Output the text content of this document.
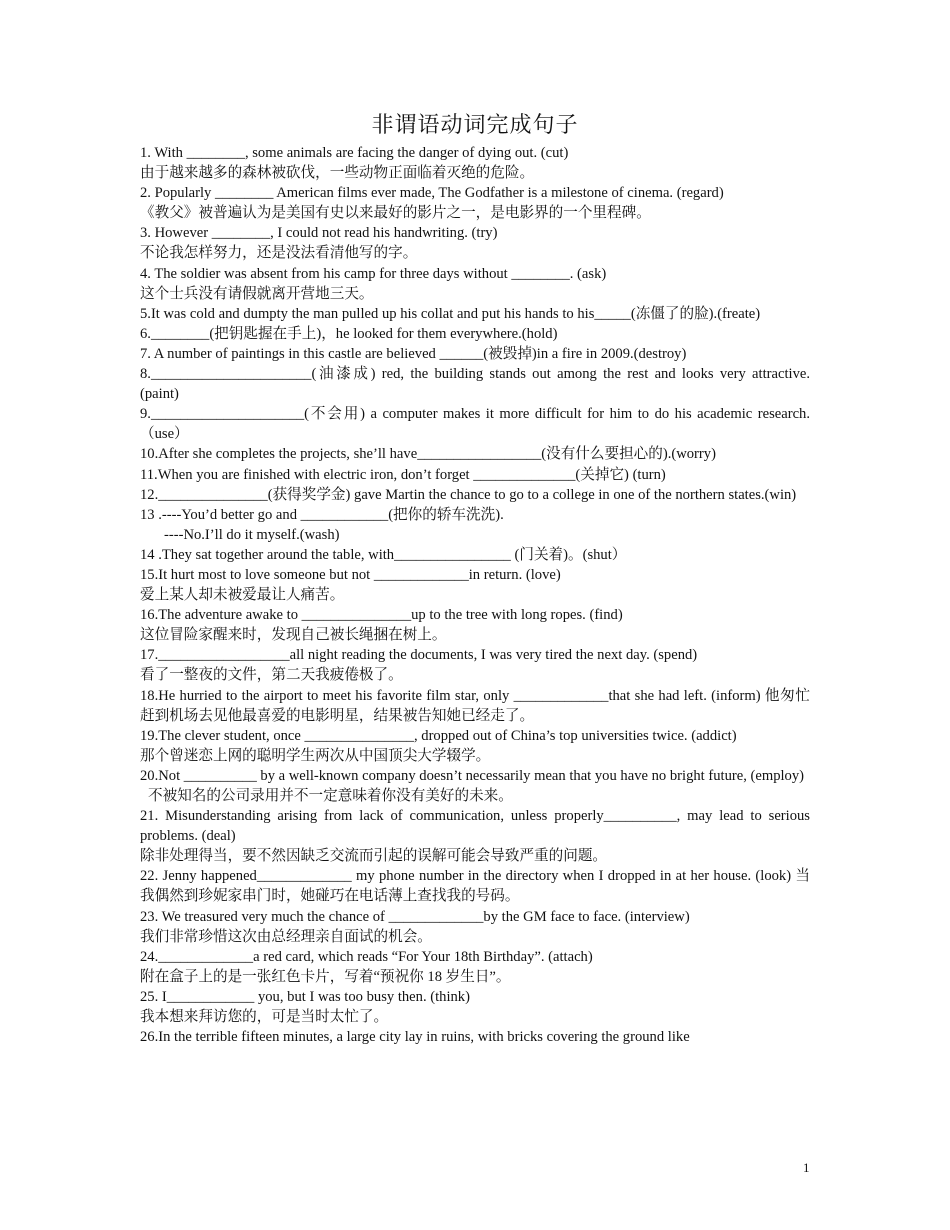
非谓语动词完成句子

1. With ________, some animals are facing the danger of dying out. (cut)

由于越来越多的森林被砍伐，一些动物正面临着灭绝的危险。

2. Popularly ________ American films ever made, The Godfather is a milestone of cinema. (regard)

《教父》被普遍认为是美国有史以来最好的影片之一，是电影界的一个里程碑。

3. However ________, I could not read his handwriting. (try)

不论我怎样努力，还是没法看清他写的字。

4. The soldier was absent from his camp for three days without ________. (ask)

这个士兵没有请假就离开营地三天。

5.It was cold and dumpty the man pulled up his collat and put his hands to his_____(冻僵了的脸).(freate)

6.________(把钥匙握在手上)，he looked for them everywhere.(hold)

7. A number of paintings in this castle are believed ______(被毁掉)in a fire in 2009.(destroy)

8.______________________(油漆成) red, the building stands out among the rest and looks very attractive. (paint)

9._____________________(不会用) a computer makes it more difficult for him to do his academic research. （use）

10.After she completes the projects, she’ll have_________________(没有什么要担心的).(worry)

11.When you are finished with electric iron, don’t forget ______________(关掉它) (turn)

12._______________(获得奖学金) gave Martin the chance to go to a college in one of the northern states.(win)

13 .----You’d better go and ____________(把你的轿车洗洗).

----No.I’ll do it myself.(wash)

14 .They sat together around the table, with________________ (门关着)。(shut）

15.It hurt most to love someone but not _____________in return. (love)

爱上某人却未被爱最让人痛苦。

16.The adventure awake to _______________up to the tree with long ropes. (find)

这位冒险家醒来时，发现自己被长绳捆在树上。

17.__________________all night reading the documents, I was very tired the next day. (spend)

看了一整夜的文件，第二天我疲倦极了。

18.He hurried to the airport to meet his favorite film star, only _____________that she had left. (inform) 他匆忙赶到机场去见他最喜爱的电影明星，结果被告知她已经走了。

19.The clever student, once _______________, dropped out of China’s top universities twice. (addict)

那个曾迷恋上网的聪明学生两次从中国顶尖大学辍学。

20.Not __________ by a well-known company doesn’t necessarily mean that you have no bright future, (employ)

不被知名的公司录用并不一定意味着你没有美好的未来。

21. Misunderstanding arising from lack of communication, unless properly__________, may lead to serious problems. (deal)

除非处理得当，要不然因缺乏交流而引起的误解可能会导致严重的问题。

22. Jenny happened_____________ my phone number in the directory when I dropped in at her house. (look) 当我偶然到珍妮家串门时，她碰巧在电话薄上查找我的号码。

23. We treasured very much the chance of _____________by the GM face to face. (interview)

我们非常珍惜这次由总经理亲自面试的机会。

24._____________a red card, which reads “For Your 18th Birthday”. (attach)

附在盒子上的是一张红色卡片，写着“预祝你 18 岁生日”。

25. I____________ you, but I was too busy then. (think)

我本想来拜访您的，可是当时太忙了。

26.In the terrible fifteen minutes, a large city lay in ruins, with bricks covering the ground like

1
